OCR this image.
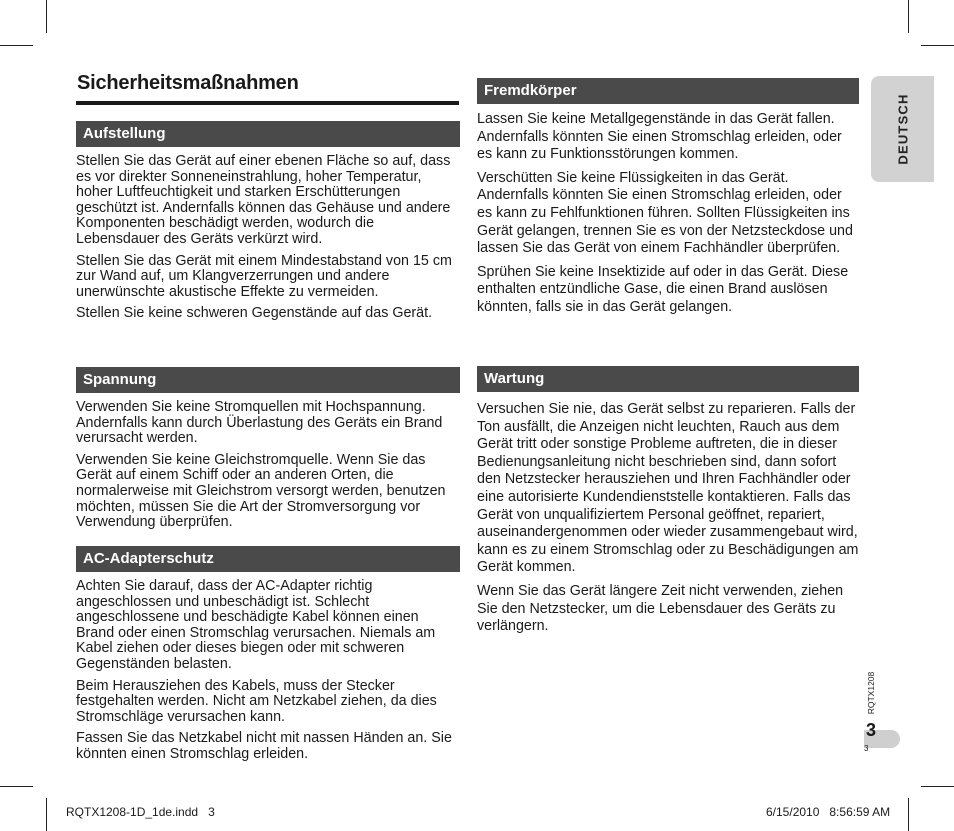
Sicherheitsmaßnahmen
Aufstellung

Stellen Sie das Gerät auf einer ebenen Fläche so auf, dass es vor direkter Sonneneinstrahlung, hoher Temperatur, hoher Luftfeuchtigkeit und starken Erschütterungen geschützt ist. Andernfalls können das Gehäuse und andere Komponenten beschädigt werden, wodurch die Lebensdauer des Geräts verkürzt wird.

Stellen Sie das Gerät mit einem Mindestabstand von 15 cm zur Wand auf, um Klangverzerrungen und andere unerwünschte akustische Effekte zu vermeiden.

Stellen Sie keine schweren Gegenstände auf das Gerät.

Spannung

Verwenden Sie keine Stromquellen mit Hochspannung. Andernfalls kann durch Überlastung des Geräts ein Brand verursacht werden.

Verwenden Sie keine Gleichstromquelle. Wenn Sie das Gerät auf einem Schiff oder an anderen Orten, die normalerweise mit Gleichstrom versorgt werden, benutzen möchten, müssen Sie die Art der Stromversorgung vor Verwendung überprüfen.

AC-Adapterschutz

Achten Sie darauf, dass der AC-Adapter richtig angeschlossen und unbeschädigt ist. Schlecht angeschlossene und beschädigte Kabel können einen Brand oder einen Stromschlag verursachen. Niemals am Kabel ziehen oder dieses biegen oder mit schweren Gegenständen belasten.

Beim Herausziehen des Kabels, muss der Stecker festgehalten werden. Nicht am Netzkabel ziehen, da dies Stromschläge verursachen kann.

Fassen Sie das Netzkabel nicht mit nassen Händen an. Sie könnten einen Stromschlag erleiden.

Fremdkörper

Lassen Sie keine Metallgegenstände in das Gerät fallen. Andernfalls könnten Sie einen Stromschlag erleiden, oder es kann zu Funktionsstörungen kommen.

Verschütten Sie keine Flüssigkeiten in das Gerät. Andernfalls könnten Sie einen Stromschlag erleiden, oder es kann zu Fehlfunktionen führen. Sollten Flüssigkeiten ins Gerät gelangen, trennen Sie es von der Netzsteckdose und lassen Sie das Gerät von einem Fachhändler überprüfen.

Sprühen Sie keine Insektizide auf oder in das Gerät. Diese enthalten entzündliche Gase, die einen Brand auslösen könnten, falls sie in das Gerät gelangen.

Wartung

Versuchen Sie nie, das Gerät selbst zu reparieren. Falls der Ton ausfällt, die Anzeigen nicht leuchten, Rauch aus dem Gerät tritt oder sonstige Probleme auftreten, die in dieser Bedienungsanleitung nicht beschrieben sind, dann sofort den Netzstecker herausziehen und Ihren Fachhändler oder eine autorisierte Kundendienststelle kontaktieren. Falls das Gerät von unqualifiziertem Personal geöffnet, repariert, auseinandergenommen oder wieder zusammengebaut wird, kann es zu einem Stromschlag oder zu Beschädigungen am Gerät kommen.

Wenn Sie das Gerät längere Zeit nicht verwenden, ziehen Sie den Netzstecker, um die Lebensdauer des Geräts zu verlängern.

DEUTSCH
RQTX1208
3
3
RQTX1208-1D_1de.indd   3	6/15/2010   8:56:59 AM
